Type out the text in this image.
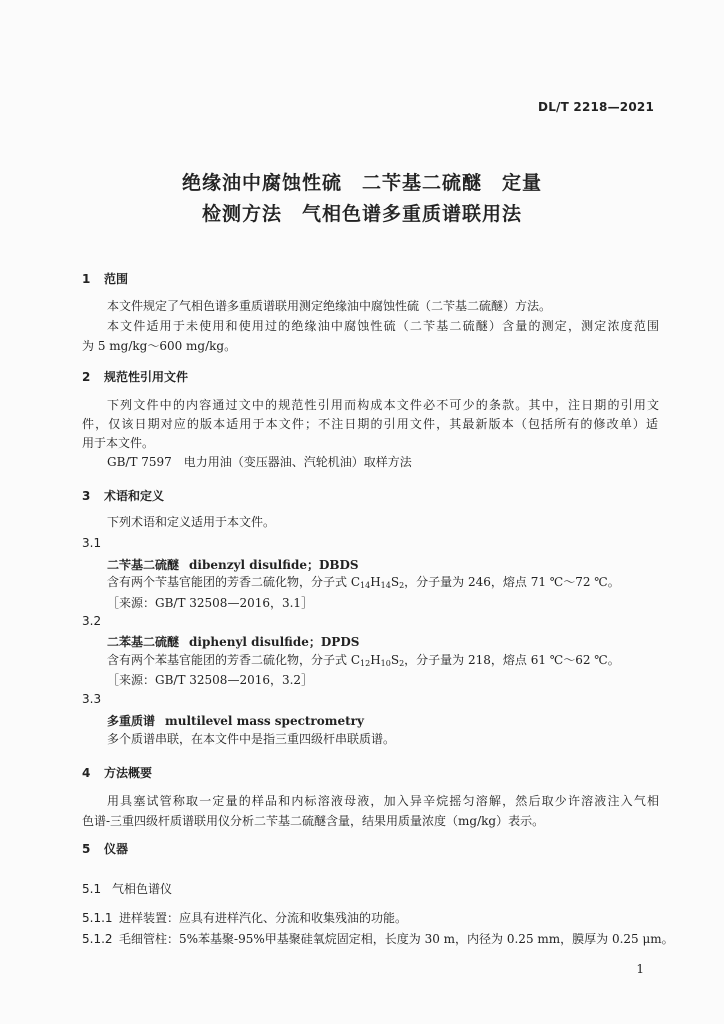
DL/T 2218—2021
绝缘油中腐蚀性硫　二苄基二硫醚　定量
检测方法　气相色谱多重质谱联用法
1 范围
本文件规定了气相色谱多重质谱联用测定绝缘油中腐蚀性硫（二苄基二硫醚）方法。
本文件适用于未使用和使用过的绝缘油中腐蚀性硫（二苄基二硫醚）含量的测定，测定浓度范围
为 5 mg/kg～600 mg/kg。
2 规范性引用文件
下列文件中的内容通过文中的规范性引用而构成本文件必不可少的条款。其中，注日期的引用文
件，仅该日期对应的版本适用于本文件；不注日期的引用文件，其最新版本（包括所有的修改单）适
用于本文件。
GB/T 7597　电力用油（变压器油、汽轮机油）取样方法
3 术语和定义
下列术语和定义适用于本文件。
3.1
二苄基二硫醚 dibenzyl disulfide；DBDS
含有两个苄基官能团的芳香二硫化物，分子式 $C_{14}H_{14}S_2$，分子量为 246，熔点 71 ℃～72 ℃。
［来源：GB/T 32508—2016，3.1］
3.2
二苯基二硫醚 diphenyl disulfide；DPDS
含有两个苯基官能团的芳香二硫化物，分子式 $C_{12}H_{10}S_2$，分子量为 218，熔点 61 ℃～62 ℃。
［来源：GB/T 32508—2016，3.2］
3.3
多重质谱 multilevel mass spectrometry
多个质谱串联，在本文件中是指三重四级杆串联质谱。
4 方法概要
用具塞试管称取一定量的样品和内标溶液母液，加入异辛烷摇匀溶解，然后取少许溶液注入气相
色谱-三重四级杆质谱联用仪分析二苄基二硫醚含量，结果用质量浓度（mg/kg）表示。
5 仪器
5.1 气相色谱仪
5.1.1 进样装置：应具有进样汽化、分流和收集残油的功能。
5.1.2 毛细管柱：5%苯基聚-95%甲基聚硅氧烷固定相，长度为 30 m，内径为 0.25 mm，膜厚为 0.25 μm。
1
